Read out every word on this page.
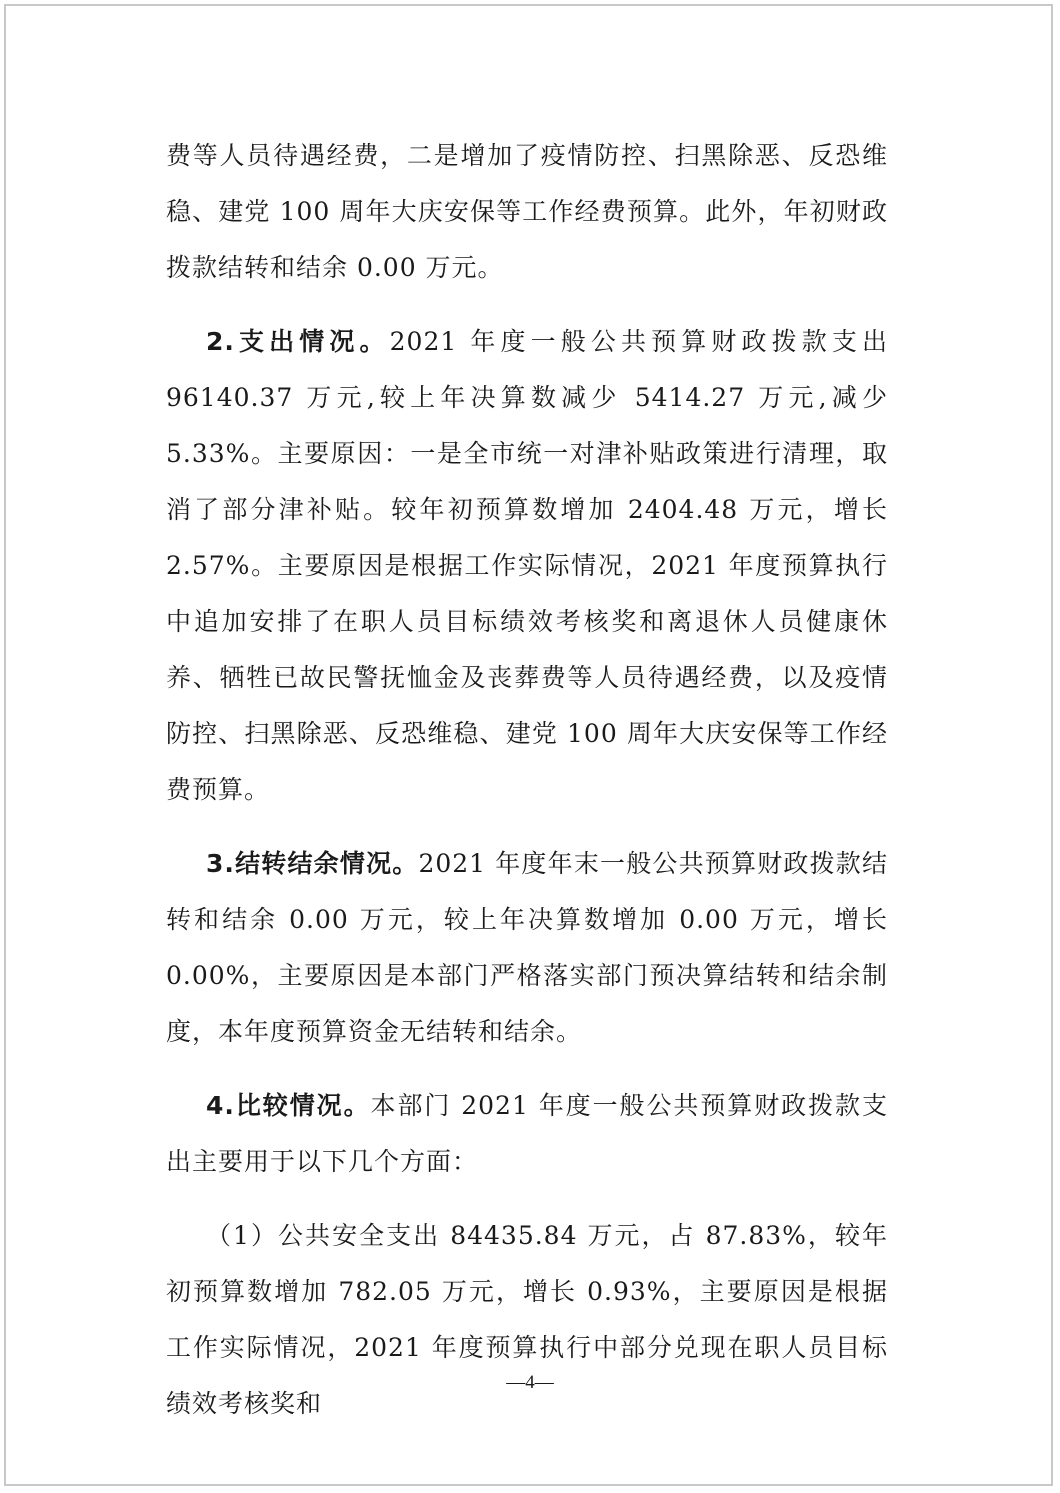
费等人员待遇经费，二是增加了疫情防控、扫黑除恶、反恐维稳、建党 100 周年大庆安保等工作经费预算。此外，年初财政拨款结转和结余 0.00 万元。

2.支出情况。2021 年度一般公共预算财政拨款支出 96140.37 万元,较上年决算数减少 5414.27 万元,减少 5.33%。主要原因：一是全市统一对津补贴政策进行清理，取消了部分津补贴。较年初预算数增加 2404.48 万元，增长 2.57%。主要原因是根据工作实际情况，2021 年度预算执行中追加安排了在职人员目标绩效考核奖和离退休人员健康休养、牺牲已故民警抚恤金及丧葬费等人员待遇经费，以及疫情防控、扫黑除恶、反恐维稳、建党 100 周年大庆安保等工作经费预算。

3.结转结余情况。2021 年度年末一般公共预算财政拨款结转和结余 0.00 万元，较上年决算数增加 0.00 万元，增长 0.00%，主要原因是本部门严格落实部门预决算结转和结余制度，本年度预算资金无结转和结余。

4.比较情况。本部门 2021 年度一般公共预算财政拨款支出主要用于以下几个方面：

（1）公共安全支出 84435.84 万元，占 87.83%，较年初预算数增加 782.05 万元，增长 0.93%，主要原因是根据工作实际情况，2021 年度预算执行中部分兑现在职人员目标绩效考核奖和

—4—
